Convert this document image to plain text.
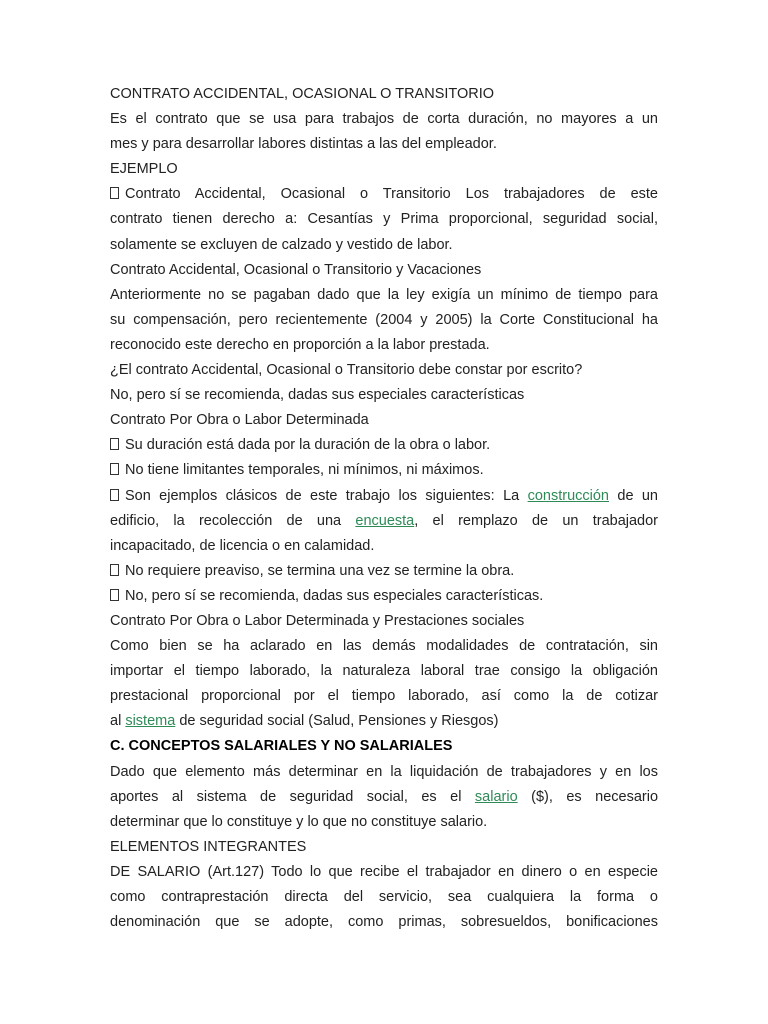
CONTRATO ACCIDENTAL, OCASIONAL O TRANSITORIO
Es el contrato que se usa para trabajos de corta duración, no mayores a un
mes y para desarrollar labores distintas a las del empleador.
EJEMPLO
Contrato Accidental, Ocasional o Transitorio Los trabajadores de este
contrato tienen derecho a: Cesantías y Prima proporcional, seguridad social,
solamente se excluyen de calzado y vestido de labor.
Contrato Accidental, Ocasional o Transitorio y Vacaciones
Anteriormente no se pagaban dado que la ley exigía un mínimo de tiempo para
su compensación, pero recientemente (2004 y 2005) la Corte Constitucional ha
reconocido este derecho en proporción a la labor prestada.
¿El contrato Accidental, Ocasional o Transitorio debe constar por escrito?
No, pero sí se recomienda, dadas sus especiales características
Contrato Por Obra o Labor Determinada
Su duración está dada por la duración de la obra o labor.
No tiene limitantes temporales, ni mínimos, ni máximos.
Son ejemplos clásicos de este trabajo los siguientes: La construcción de un
edificio, la recolección de una encuesta, el remplazo de un trabajador
incapacitado, de licencia o en calamidad.
No requiere preaviso, se termina una vez se termine la obra.
No, pero sí se recomienda, dadas sus especiales características.
Contrato Por Obra o Labor Determinada y Prestaciones sociales
Como bien se ha aclarado en las demás modalidades de contratación, sin
importar el tiempo laborado, la naturaleza laboral trae consigo la obligación
prestacional proporcional por el tiempo laborado, así como la de cotizar
al sistema de seguridad social (Salud, Pensiones y Riesgos)
C. CONCEPTOS SALARIALES Y NO SALARIALES
Dado que elemento más determinar en la liquidación de trabajadores y en los
aportes al sistema de seguridad social, es el salario ($), es necesario
determinar que lo constituye y lo que no constituye salario.
ELEMENTOS INTEGRANTES
DE SALARIO (Art.127) Todo lo que recibe el trabajador en dinero o en especie
como contraprestación directa del servicio, sea cualquiera la forma o
denominación que se adopte, como primas, sobresueldos, bonificaciones
